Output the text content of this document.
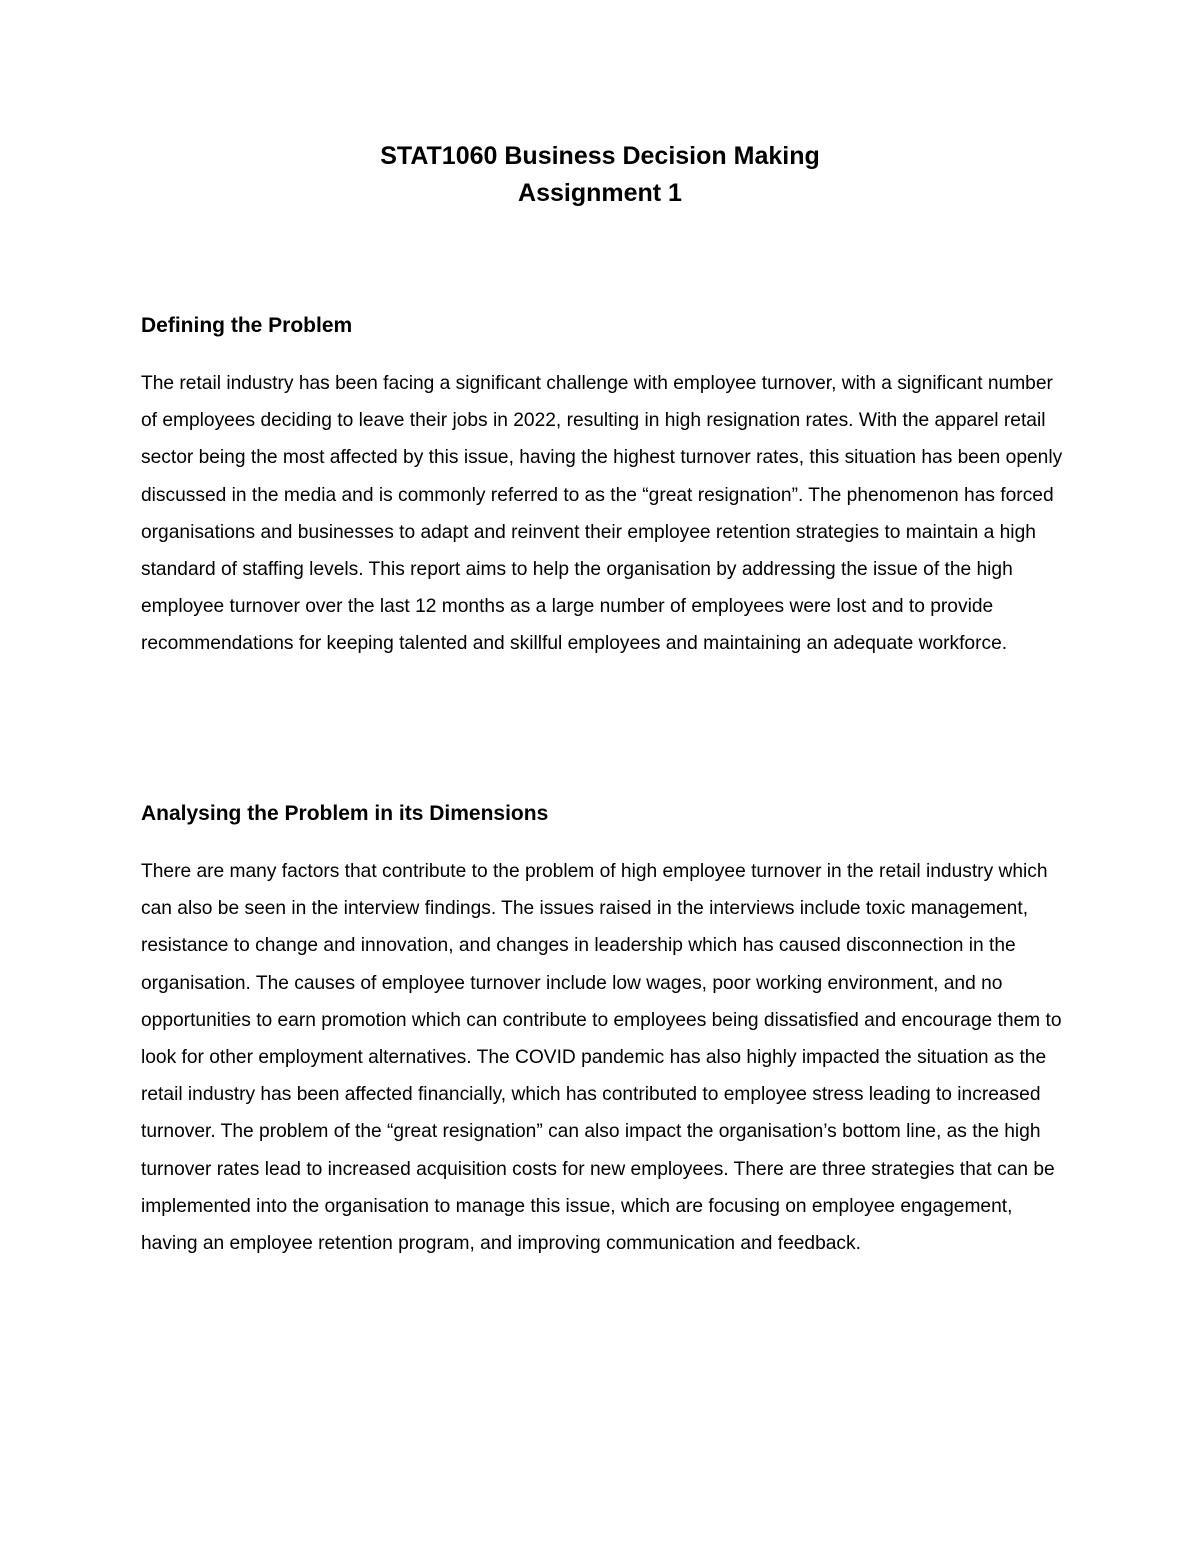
STAT1060 Business Decision Making

Assignment 1

Defining the Problem

The retail industry has been facing a significant challenge with employee turnover, with a significant number of employees deciding to leave their jobs in 2022, resulting in high resignation rates. With the apparel retail sector being the most affected by this issue, having the highest turnover rates, this situation has been openly discussed in the media and is commonly referred to as the “great resignation”. The phenomenon has forced organisations and businesses to adapt and reinvent their employee retention strategies to maintain a high standard of staffing levels. This report aims to help the organisation by addressing the issue of the high employee turnover over the last 12 months as a large number of employees were lost and to provide recommendations for keeping talented and skillful employees and maintaining an adequate workforce.

Analysing the Problem in its Dimensions

There are many factors that contribute to the problem of high employee turnover in the retail industry which can also be seen in the interview findings. The issues raised in the interviews include toxic management, resistance to change and innovation, and changes in leadership which has caused disconnection in the organisation. The causes of employee turnover include low wages, poor working environment, and no opportunities to earn promotion which can contribute to employees being dissatisfied and encourage them to look for other employment alternatives. The COVID pandemic has also highly impacted the situation as the retail industry has been affected financially, which has contributed to employee stress leading to increased turnover. The problem of the “great resignation” can also impact the organisation’s bottom line, as the high turnover rates lead to increased acquisition costs for new employees. There are three strategies that can be implemented into the organisation to manage this issue, which are focusing on employee engagement, having an employee retention program, and improving communication and feedback.
